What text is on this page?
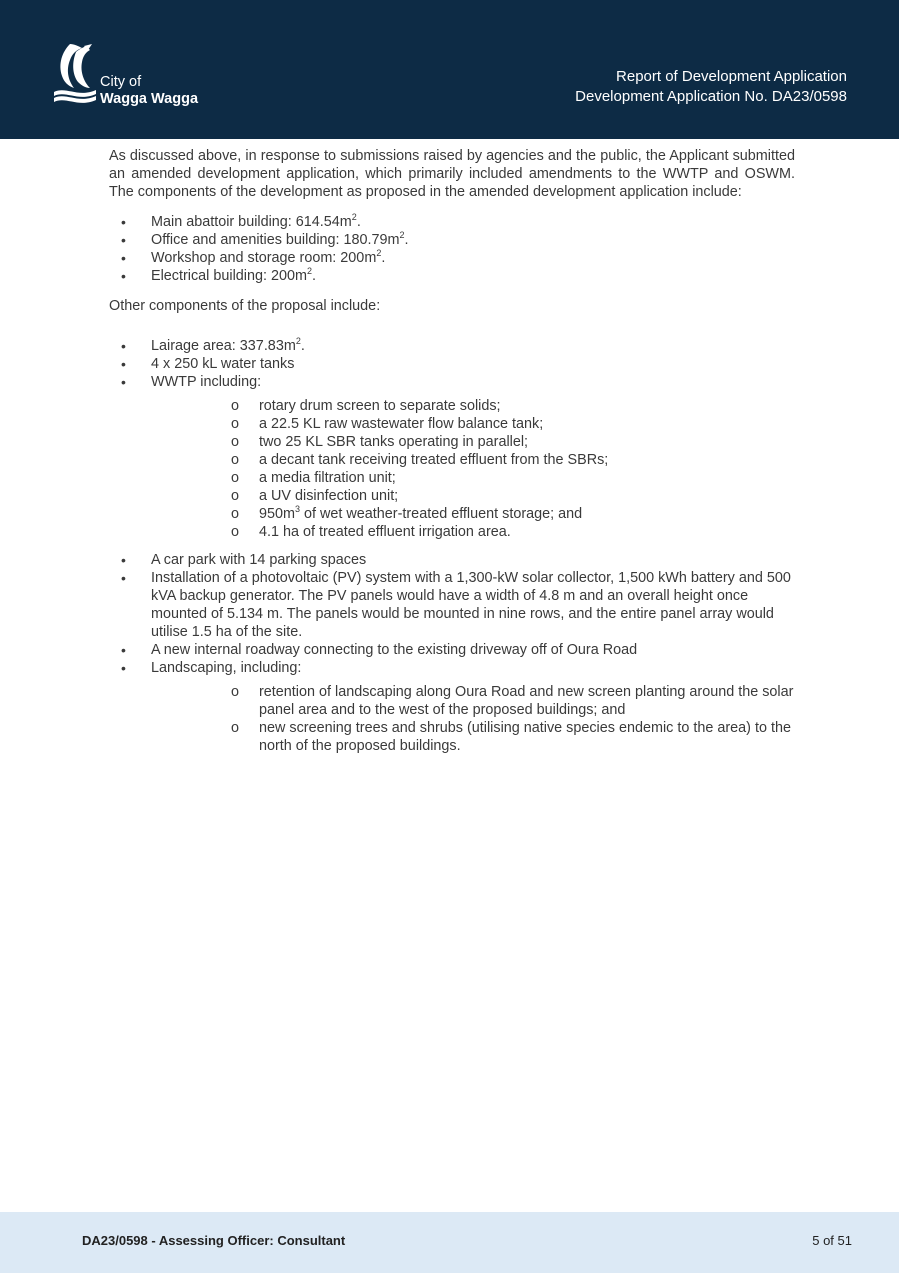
City of
Wagga Wagga
Report of Development Application
Development Application No. DA23/0598

As discussed above, in response to submissions raised by agencies and the public, the Applicant submitted an amended development application, which primarily included amendments to the WWTP and OSWM. The components of the development as proposed in the amended development application include:

• Main abattoir building: $614.54m^2$.
• Office and amenities building: $180.79m^2$.
• Workshop and storage room: $200m^2$.
• Electrical building: $200m^2$.

Other components of the proposal include:

• Lairage area: $337.83m^2$.
• 4 x 250 kL water tanks
• WWTP including:
o rotary drum screen to separate solids;
o a 22.5 KL raw wastewater flow balance tank;
o two 25 KL SBR tanks operating in parallel;
o a decant tank receiving treated effluent from the SBRs;
o a media filtration unit;
o a UV disinfection unit;
o $950m^3$ of wet weather-treated effluent storage; and
o 4.1 ha of treated effluent irrigation area.
• A car park with 14 parking spaces
• Installation of a photovoltaic (PV) system with a 1,300-kW solar collector, 1,500 kWh battery and 500 kVA backup generator. The PV panels would have a width of 4.8 m and an overall height once mounted of 5.134 m. The panels would be mounted in nine rows, and the entire panel array would utilise 1.5 ha of the site.
• A new internal roadway connecting to the existing driveway off of Oura Road
• Landscaping, including:
o retention of landscaping along Oura Road and new screen planting around the solar panel area and to the west of the proposed buildings; and
o new screening trees and shrubs (utilising native species endemic to the area) to the north of the proposed buildings.
DA23/0598 - Assessing Officer: Consultant	5 of 51
